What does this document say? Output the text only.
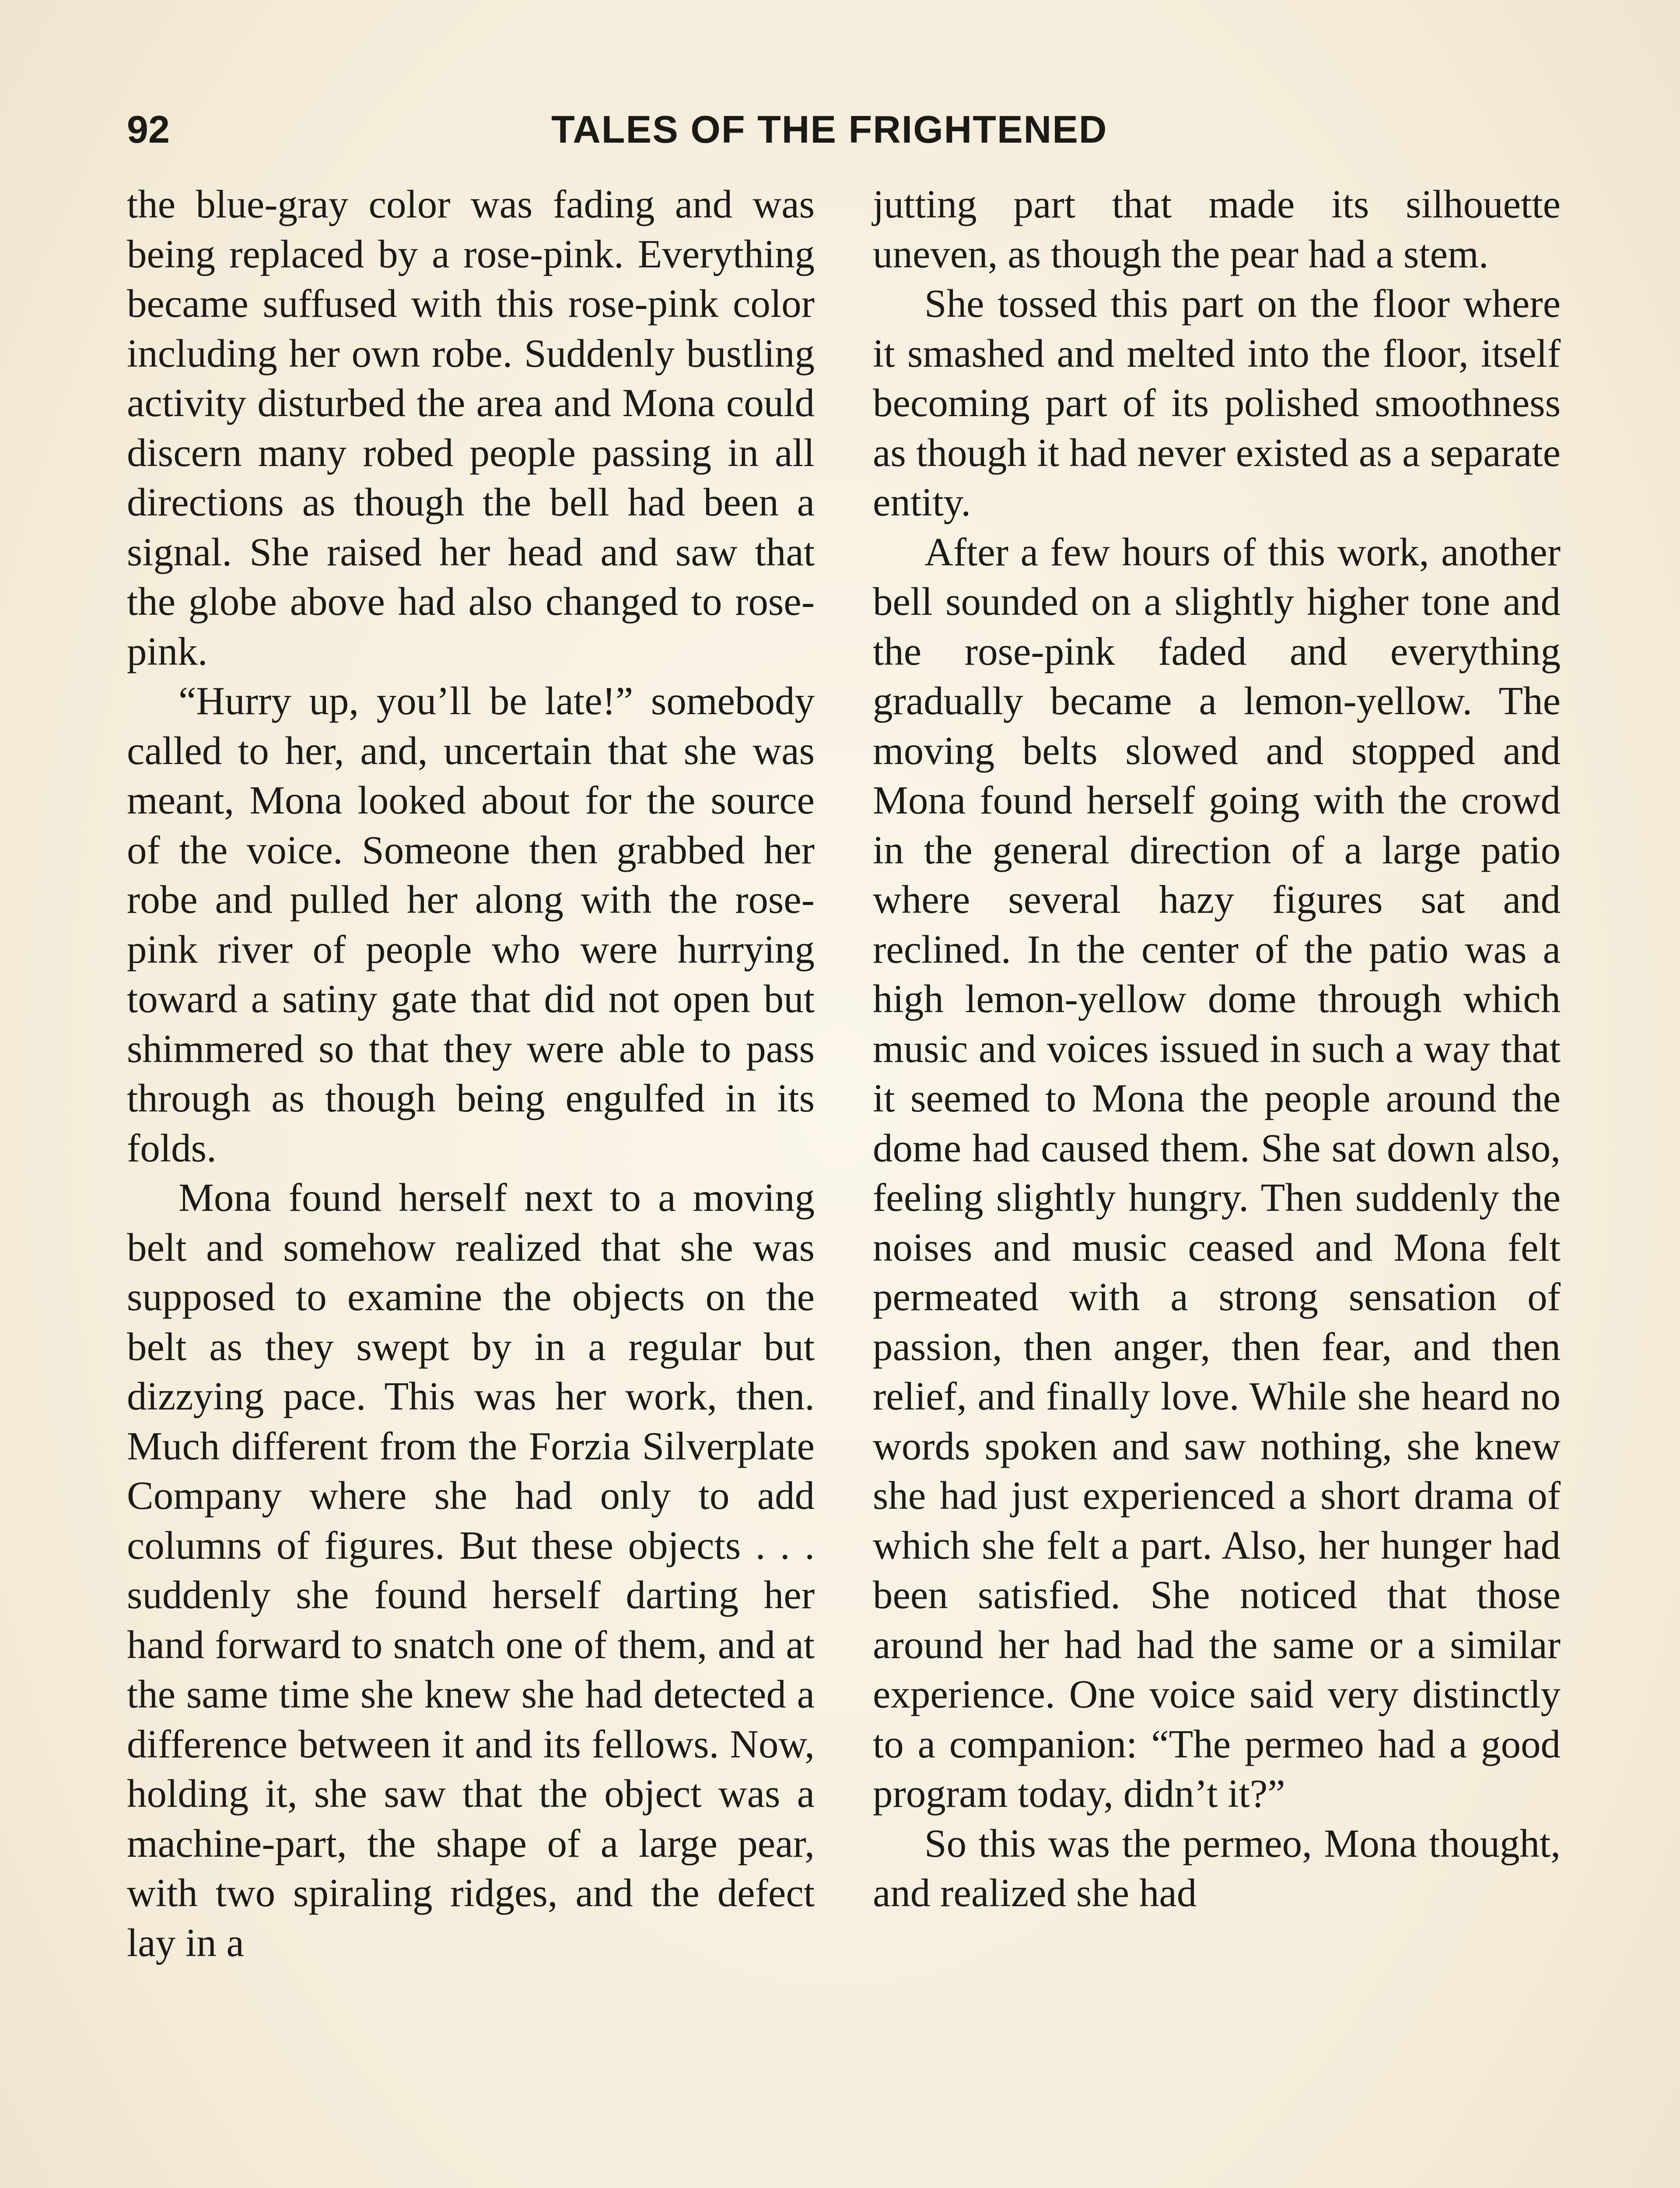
92	TALES OF THE FRIGHTENED

the blue-gray color was fading and was being replaced by a rose-pink. Everything became suffused with this rose-pink color including her own robe. Suddenly bustling activity disturbed the area and Mona could discern many robed people passing in all directions as though the bell had been a signal. She raised her head and saw that the globe above had also changed to rose-pink.

“Hurry up, you’ll be late!” somebody called to her, and, uncertain that she was meant, Mona looked about for the source of the voice. Someone then grabbed her robe and pulled her along with the rose-pink river of people who were hurrying toward a satiny gate that did not open but shimmered so that they were able to pass through as though being engulfed in its folds.

Mona found herself next to a moving belt and somehow realized that she was supposed to examine the objects on the belt as they swept by in a regular but dizzying pace. This was her work, then. Much different from the Forzia Silverplate Company where she had only to add columns of figures. But these objects . . . suddenly she found herself darting her hand forward to snatch one of them, and at the same time she knew she had detected a difference between it and its fellows. Now, holding it, she saw that the object was a machine-part, the shape of a large pear, with two spiraling ridges, and the defect lay in a

jutting part that made its silhouette uneven, as though the pear had a stem.

She tossed this part on the floor where it smashed and melted into the floor, itself becoming part of its polished smoothness as though it had never existed as a separate entity.

After a few hours of this work, another bell sounded on a slightly higher tone and the rose-pink faded and everything gradually became a lemon-yellow. The moving belts slowed and stopped and Mona found herself going with the crowd in the general direction of a large patio where several hazy figures sat and reclined. In the center of the patio was a high lemon-yellow dome through which music and voices issued in such a way that it seemed to Mona the people around the dome had caused them. She sat down also, feeling slightly hungry. Then suddenly the noises and music ceased and Mona felt permeated with a strong sensation of passion, then anger, then fear, and then relief, and finally love. While she heard no words spoken and saw nothing, she knew she had just experienced a short drama of which she felt a part. Also, her hunger had been satisfied. She noticed that those around her had had the same or a similar experience. One voice said very distinctly to a companion: “The permeo had a good program today, didn’t it?”

So this was the permeo, Mona thought, and realized she had
